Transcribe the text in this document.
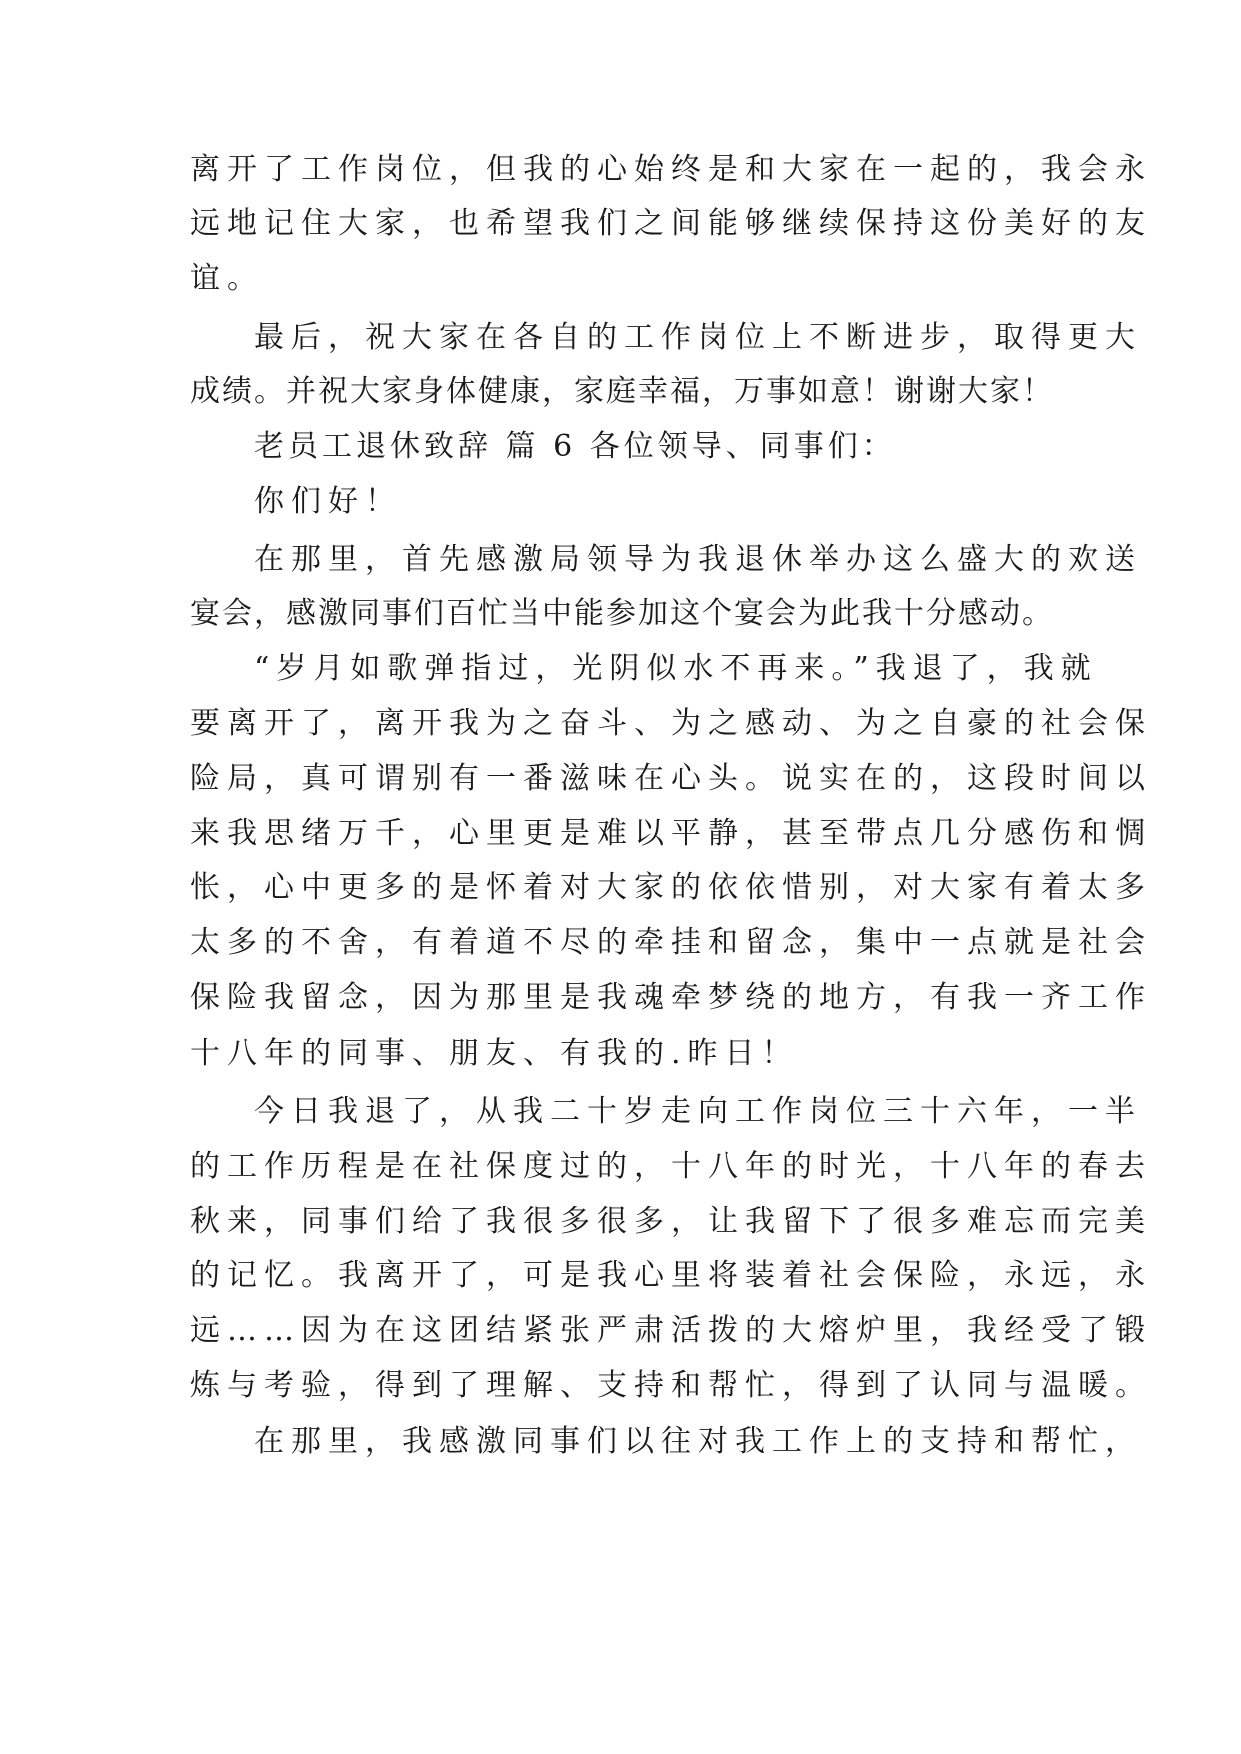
离开了工作岗位，但我的心始终是和大家在一起的，我会永
远地记住大家，也希望我们之间能够继续保持这份美好的友
谊。
最后，祝大家在各自的工作岗位上不断进步，取得更大
成绩。并祝大家身体健康，家庭幸福，万事如意！谢谢大家！
老员工退休致辞 篇 6 各位领导、同事们：
你们好！
在那里，首先感激局领导为我退休举办这么盛大的欢送
宴会，感激同事们百忙当中能参加这个宴会为此我十分感动。
“岁月如歌弹指过，光阴似水不再来。”我退了，我就
要离开了，离开我为之奋斗、为之感动、为之自豪的社会保
险局，真可谓别有一番滋味在心头。说实在的，这段时间以
来我思绪万千，心里更是难以平静，甚至带点几分感伤和惆
怅，心中更多的是怀着对大家的依依惜别，对大家有着太多
太多的不舍，有着道不尽的牵挂和留念，集中一点就是社会
保险我留念，因为那里是我魂牵梦绕的地方，有我一齐工作
十八年的同事、朋友、有我的.昨日！
今日我退了，从我二十岁走向工作岗位三十六年，一半
的工作历程是在社保度过的，十八年的时光，十八年的春去
秋来，同事们给了我很多很多，让我留下了很多难忘而完美
的记忆。我离开了，可是我心里将装着社会保险，永远，永
远……因为在这团结紧张严肃活拨的大熔炉里，我经受了锻
炼与考验，得到了理解、支持和帮忙，得到了认同与温暖。
在那里，我感激同事们以往对我工作上的支持和帮忙，
